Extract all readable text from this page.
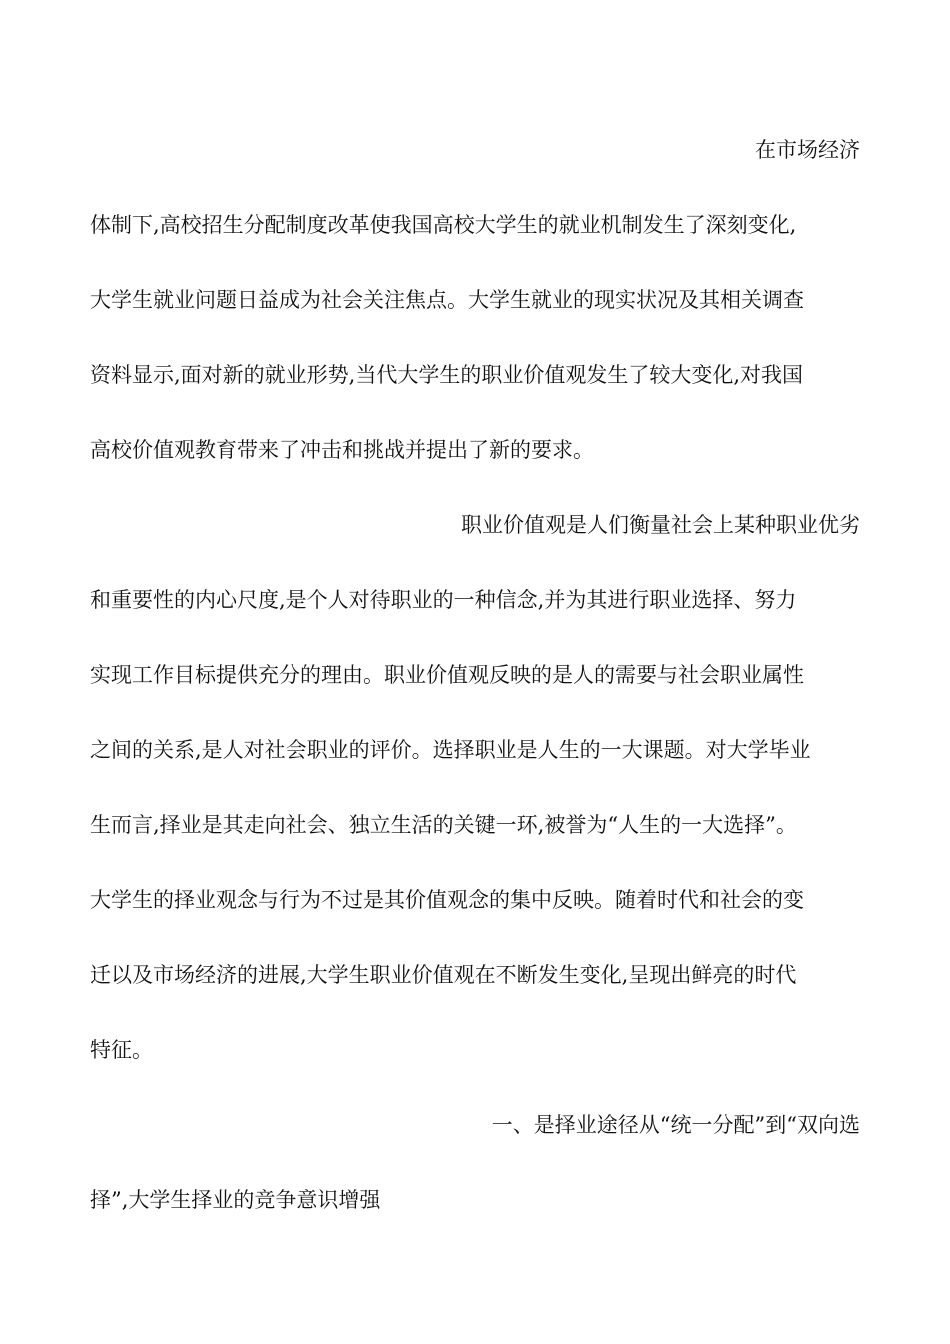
在市场经济
体制下,高校招生分配制度改革使我国高校大学生的就业机制发生了深刻变化,
大学生就业问题日益成为社会关注焦点。大学生就业的现实状况及其相关调查
资料显示,面对新的就业形势,当代大学生的职业价值观发生了较大变化,对我国
高校价值观教育带来了冲击和挑战并提出了新的要求。
职业价值观是人们衡量社会上某种职业优劣
和重要性的内心尺度,是个人对待职业的一种信念,并为其进行职业选择、努力
实现工作目标提供充分的理由。职业价值观反映的是人的需要与社会职业属性
之间的关系,是人对社会职业的评价。选择职业是人生的一大课题。对大学毕业
生而言,择业是其走向社会、独立生活的关键一环,被誉为“人生的一大选择”。
大学生的择业观念与行为不过是其价值观念的集中反映。随着时代和社会的变
迁以及市场经济的进展,大学生职业价值观在不断发生变化,呈现出鲜亮的时代
特征。
一、是择业途径从“统一分配”到“双向选
择”,大学生择业的竞争意识增强
